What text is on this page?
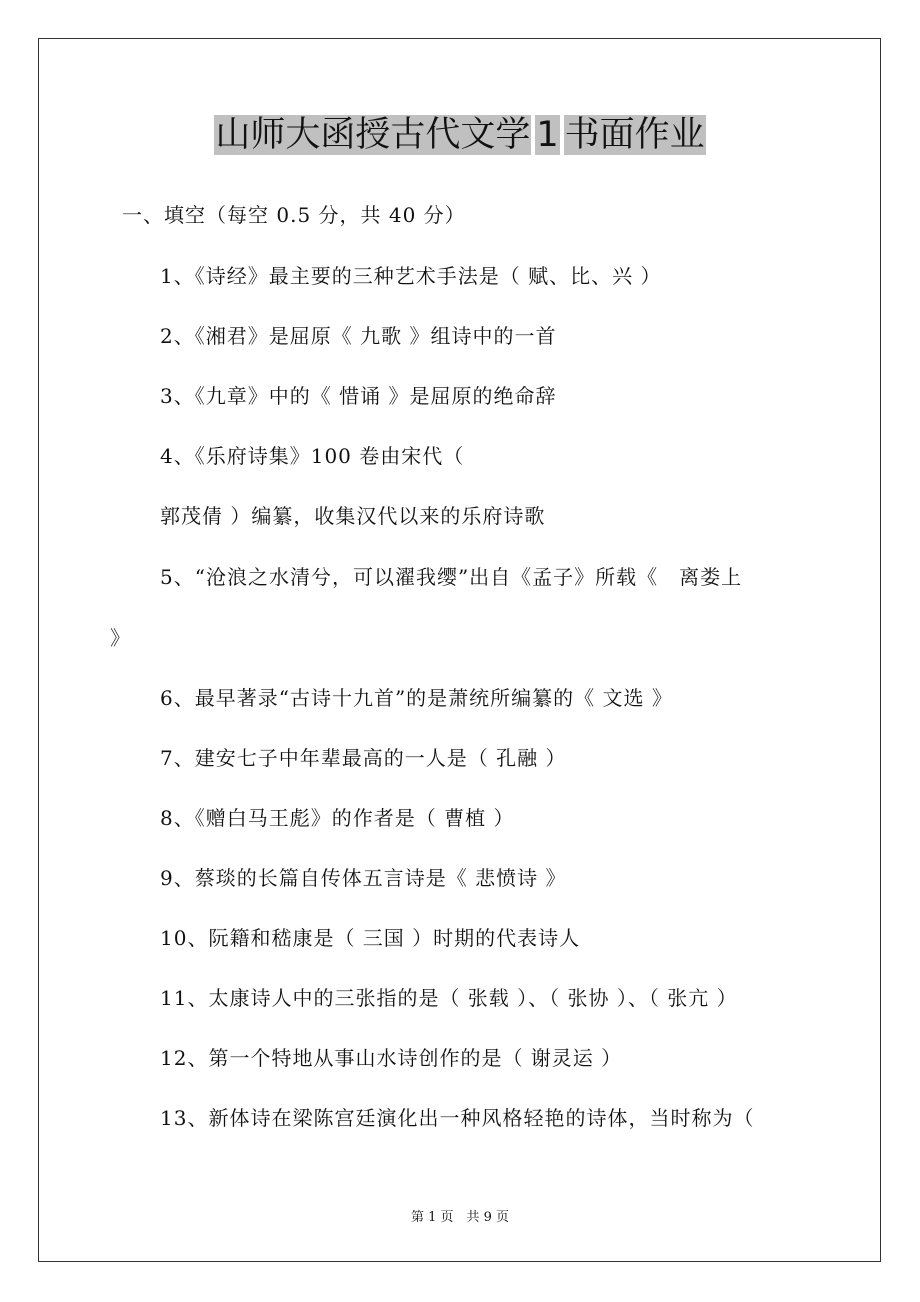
山师大函授古代文学 1 书面作业
一、填空（每空 0.5 分，共 40 分）
1、《诗经》最主要的三种艺术手法是（ 赋、比、兴 ）
2、《湘君》是屈原《 九歌 》组诗中的一首
3、《九章》中的《 惜诵 》是屈原的绝命辞
4、《乐府诗集》100 卷由宋代（
郭茂倩 ）编纂，收集汉代以来的乐府诗歌
5、“沧浪之水清兮，可以濯我缨”出自《孟子》所载《　离娄上
》
6、最早著录“古诗十九首”的是萧统所编纂的《 文选 》
7、建安七子中年辈最高的一人是（ 孔融 ）
8、《赠白马王彪》的作者是（ 曹植 ）
9、蔡琰的长篇自传体五言诗是《 悲愤诗 》
10、阮籍和嵇康是（ 三国 ）时期的代表诗人
11、太康诗人中的三张指的是（ 张载 ）、（ 张协 ）、（ 张亢 ）
12、第一个特地从事山水诗创作的是（ 谢灵运 ）
13、新体诗在梁陈宫廷演化出一种风格轻艳的诗体，当时称为（
第 1 页　共 9 页
